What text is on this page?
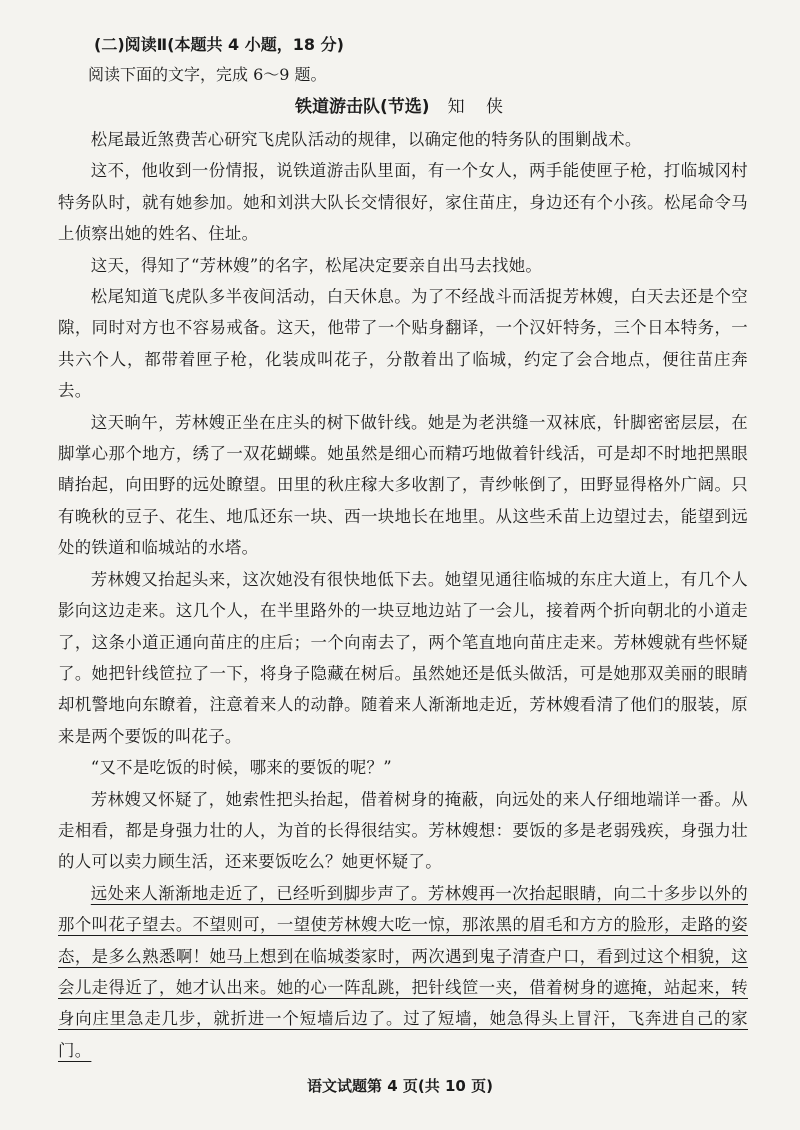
(二)阅读Ⅱ(本题共 4 小题，18 分)
阅读下面的文字，完成 6～9 题。
铁道游击队(节选) 知 侠

松尾最近煞费苦心研究飞虎队活动的规律，以确定他的特务队的围剿战术。

这不，他收到一份情报，说铁道游击队里面，有一个女人，两手能使匣子枪，打临城冈村特务队时，就有她参加。她和刘洪大队长交情很好，家住苗庄，身边还有个小孩。松尾命令马上侦察出她的姓名、住址。

这天，得知了“芳林嫂”的名字，松尾决定要亲自出马去找她。

松尾知道飞虎队多半夜间活动，白天休息。为了不经战斗而活捉芳林嫂，白天去还是个空隙，同时对方也不容易戒备。这天，他带了一个贴身翻译，一个汉奸特务，三个日本特务，一共六个人，都带着匣子枪，化装成叫花子，分散着出了临城，约定了会合地点，便往苗庄奔去。

这天晌午，芳林嫂正坐在庄头的树下做针线。她是为老洪缝一双袜底，针脚密密层层，在脚掌心那个地方，绣了一双花蝴蝶。她虽然是细心而精巧地做着针线活，可是却不时地把黑眼睛抬起，向田野的远处瞭望。田里的秋庄稼大多收割了，青纱帐倒了，田野显得格外广阔。只有晚秋的豆子、花生、地瓜还东一块、西一块地长在地里。从这些禾苗上边望过去，能望到远处的铁道和临城站的水塔。

芳林嫂又抬起头来，这次她没有很快地低下去。她望见通往临城的东庄大道上，有几个人影向这边走来。这几个人，在半里路外的一块豆地边站了一会儿，接着两个折向朝北的小道走了，这条小道正通向苗庄的庄后；一个向南去了，两个笔直地向苗庄走来。芳林嫂就有些怀疑了。她把针线笸拉了一下，将身子隐藏在树后。虽然她还是低头做活，可是她那双美丽的眼睛却机警地向东瞭着，注意着来人的动静。随着来人渐渐地走近，芳林嫂看清了他们的服装，原来是两个要饭的叫花子。

“又不是吃饭的时候，哪来的要饭的呢？”

芳林嫂又怀疑了，她索性把头抬起，借着树身的掩蔽，向远处的来人仔细地端详一番。从走相看，都是身强力壮的人，为首的长得很结实。芳林嫂想：要饭的多是老弱残疾，身强力壮的人可以卖力顾生活，还来要饭吃么？她更怀疑了。

远处来人渐渐地走近了，已经听到脚步声了。芳林嫂再一次抬起眼睛，向二十多步以外的那个叫花子望去。不望则可，一望使芳林嫂大吃一惊，那浓黑的眉毛和方方的脸形，走路的姿态，是多么熟悉啊！她马上想到在临城娄家时，两次遇到鬼子清查户口，看到过这个相貌，这会儿走得近了，她才认出来。她的心一阵乱跳，把针线笸一夹，借着树身的遮掩，站起来，转身向庄里急走几步，就折进一个短墙后边了。过了短墙，她急得头上冒汗，飞奔进自己的家门。

语文试题第 4 页(共 10 页)
